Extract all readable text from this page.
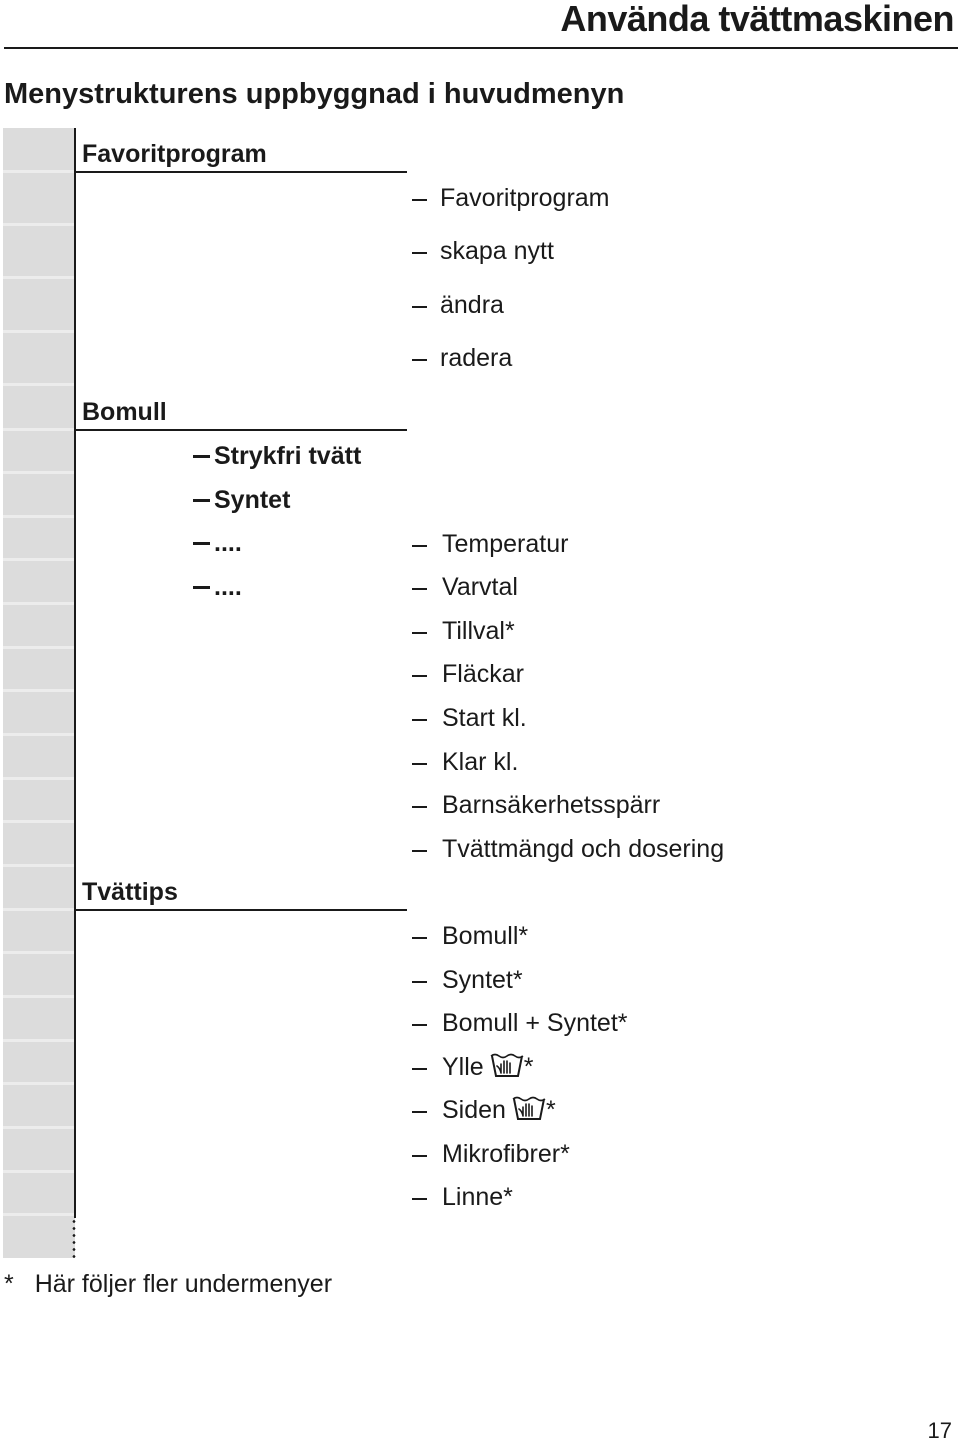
Använda tvättmaskinen
Menystrukturens uppbyggnad i huvudmenyn
Favoritprogram
Favoritprogram
skapa nytt
ändra
radera
Bomull
Strykfri tvätt
Syntet
....
....
Temperatur
Varvtal
Tillval*
Fläckar
Start kl.
Klar kl.
Barnsäkerhetsspärr
Tvättmängd och dosering
Tvättips
Bomull*
Syntet*
Bomull + Syntet*
Ylle *
Siden *
Mikrofibrer*
Linne*
* Här följer fler undermenyer
17
